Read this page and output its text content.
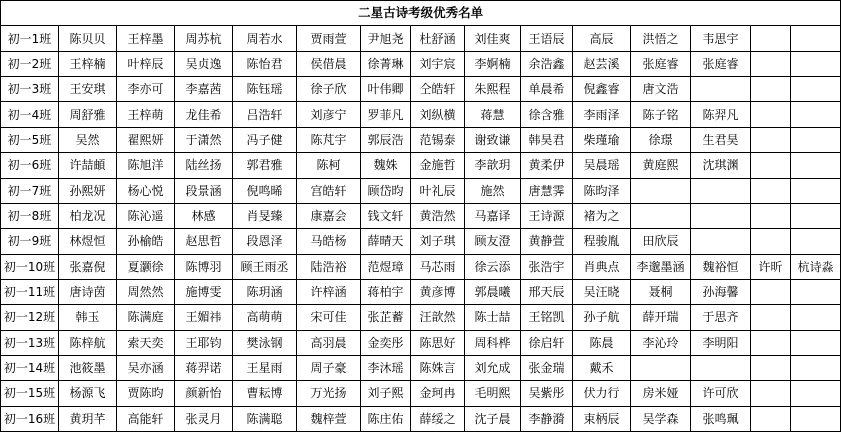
二星古诗考级优秀名单														
初一1班	陈贝贝	王梓墨	周苏杭	周若水	贾雨萱	尹旭尧	杜舒涵	刘佳爽	王语辰	高辰	洪悟之	韦思宇		
初一2班	王梓楠	叶梓辰	吴贞逸	陈怡君	侯借晨	徐菁琳	刘宇宸	李婀楠	余浩鑫	赵芸溪	张庭睿	张庭睿		
初一3班	王安琪	李亦可	李嘉茜	陈钰瑶	徐子欣	叶伟卿	仝皓轩	朱熙程	单晨希	倪鑫睿	唐文浩			
初一4班	周舒雅	王梓萌	龙佳希	吕浩轩	刘彦宁	罗菲凡	刘纵横	蒋慧	徐含雅	李雨泽	陈子铭	陈羿凡		
初一5班	吴然	翟熙妍	于潇然	冯子健	陈芃宇	郭辰浩	范锡泰	谢致谦	韩昊君	柴瑾瑜	徐璟	生君昊		
初一6班	许喆頔	陈旭洋	陆丝扬	郭君雅	陈柯	魏姝	金施哲	李歆玥	黄柔伊	吴晨瑶	黄庭熙	沈琪渊		
初一7班	孙熙妍	杨心悦	段景涵	倪鸣晞	宫皓轩	顾岱昀	叶礼辰	施然	唐慧霁	陈昀泽				
初一8班	柏龙况	陈沁遥	林感	肖旻臻	康嘉会	钱文轩	黄浩然	马嘉译	王诗源	褚为之				
初一9班	林煜恒	孙榆皓	赵思哲	段恩泽	马皓杨	薛晴天	刘子琪	顾友澄	黄静萱	程骏胤	田欣辰			
初一10班	张嘉倪	夏灏徐	陈博羽	顾王雨丞	陆浩裕	范煜璋	马芯雨	徐云添	张浩宇	肖典点	李邈墨涵	魏裕恒	许昕	杭诗淼
初一11班	唐诗茵	周然然	施博雯	陈玥涵	许梓涵	蒋柏宇	黄彦博	郭晨曦	邢天辰	吴汪晓	聂桐	孙海馨		
初一12班	韩玉	陈满庭	王媚祎	高萌萌	宋可佳	张芷蓄	汪歆然	陈士喆	王铭凯	孙子航	薛开瑞	于思齐		
初一13班	陈梓航	索天奕	王耶钧	樊泳钢	高羽晨	金奕彤	陈思好	周科桦	徐启轩	陈晨	李沁玲	李明阳		
初一14班	池筱墨	吴亦涵	蒋羿诺	王星雨	周子豪	李沐瑶	陈姝言	刘允成	张金瑞	戴禾				
初一15班	杨源飞	贾陈昀	颜新怡	曹耘博	万光扬	刘子熙	金珂冉	毛明熙	吴紫彤	伏力行	房米娅	许可欣		
初一16班	黄玥芊	高能轩	张灵月	陈满聪	魏梓萱	陈庄佑	薛绥之	沈子晨	李静漪	束柄辰	吴学森	张鸣珮		
